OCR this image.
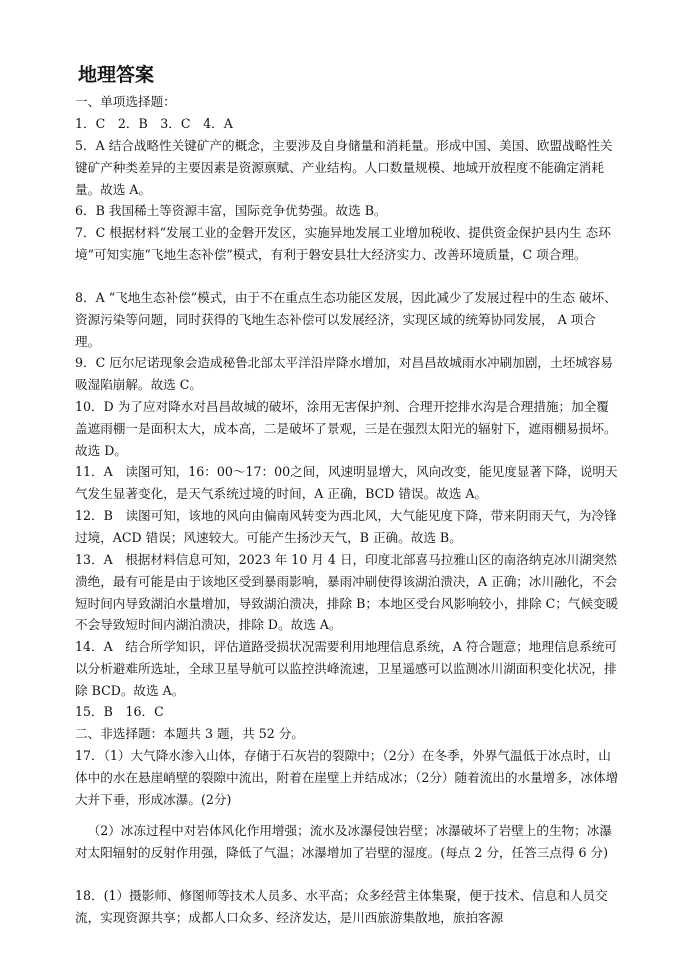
地理答案
一、单项选择题：
1．C　2．B　3．C　4．A
5．A 结合战略性关键矿产的概念，主要涉及自身储量和消耗量。形成中国、美国、欧盟战略性关键矿产种类差异的主要因素是资源禀赋、产业结构。人口数量规模、地域开放程度不能确定消耗量。故选 A。
6．B 我国稀土等资源丰富，国际竞争优势强。故选 B。
7．C 根据材料“发展工业的金磐开发区，实施异地发展工业增加税收、提供资金保护县内生 态环境”可知实施“飞地生态补偿”模式，有利于磐安县壮大经济实力、改善环境质量，C 项合理。
8．A “飞地生态补偿”模式，由于不在重点生态功能区发展，因此减少了发展过程中的生态 破坏、资源污染等问题，同时获得的飞地生态补偿可以发展经济，实现区域的统筹协同发展， A 项合理。
9．C 厄尔尼诺现象会造成秘鲁北部太平洋沿岸降水增加，对昌昌故城雨水冲刷加剧，土坯城容易吸湿陷崩解。故选 C。
10．D 为了应对降水对昌昌故城的破坏，涂用无害保护剂、合理开挖排水沟是合理措施；加全覆盖遮雨棚一是面积太大，成本高，二是破坏了景观，三是在强烈太阳光的辐射下，遮雨棚易损坏。故选 D。
11．A　读图可知，16：00～17：00之间，风速明显增大，风向改变，能见度显著下降，说明天气发生显著变化，是天气系统过境的时间，A 正确，BCD 错误。故选 A。
12．B　读图可知，该地的风向由偏南风转变为西北风，大气能见度下降，带来阴雨天气，为冷锋过境，ACD 错误；风速较大。可能产生扬沙天气，B 正确。故选 B。
13．A　根据材料信息可知，2023 年 10 月 4 日，印度北部喜马拉雅山区的南洛纳克冰川湖突然溃绝，最有可能是由于该地区受到暴雨影响，暴雨冲刷使得该湖泊溃决，A 正确；冰川融化，不会短时间内导致湖泊水量增加，导致湖泊溃决，排除 B；本地区受台风影响较小，排除 C；气候变暖不会导致短时间内湖泊溃决，排除 D。故选 A。
14．A　结合所学知识，评估道路受损状况需要利用地理信息系统，A 符合题意；地理信息系统可以分析避难所选址，全球卫星导航可以监控洪峰流速，卫星遥感可以监测冰川湖面积变化状况，排除 BCD。故选 A。
15．B　16．C
二、非选择题：本题共 3 题，共 52 分。
17．（1）大气降水渗入山体，存储于石灰岩的裂隙中；（2分）在冬季，外界气温低于冰点时，山体中的水在悬崖峭壁的裂隙中流出，附着在崖壁上并结成冰；（2分）随着流出的水量增多，冰体增大并下垂，形成冰瀑。(2分)
（2）冰冻过程中对岩体风化作用增强；流水及冰瀑侵蚀岩壁；冰瀑破坏了岩壁上的生物；冰瀑对太阳辐射的反射作用强，降低了气温；冰瀑增加了岩壁的湿度。(每点 2 分，任答三点得 6 分)
18．(1）摄影师、修图师等技术人员多、水平高；众多经营主体集聚，便于技术、信息和人员交流，实现资源共享；成都人口众多、经济发达，是川西旅游集散地，旅拍客源
